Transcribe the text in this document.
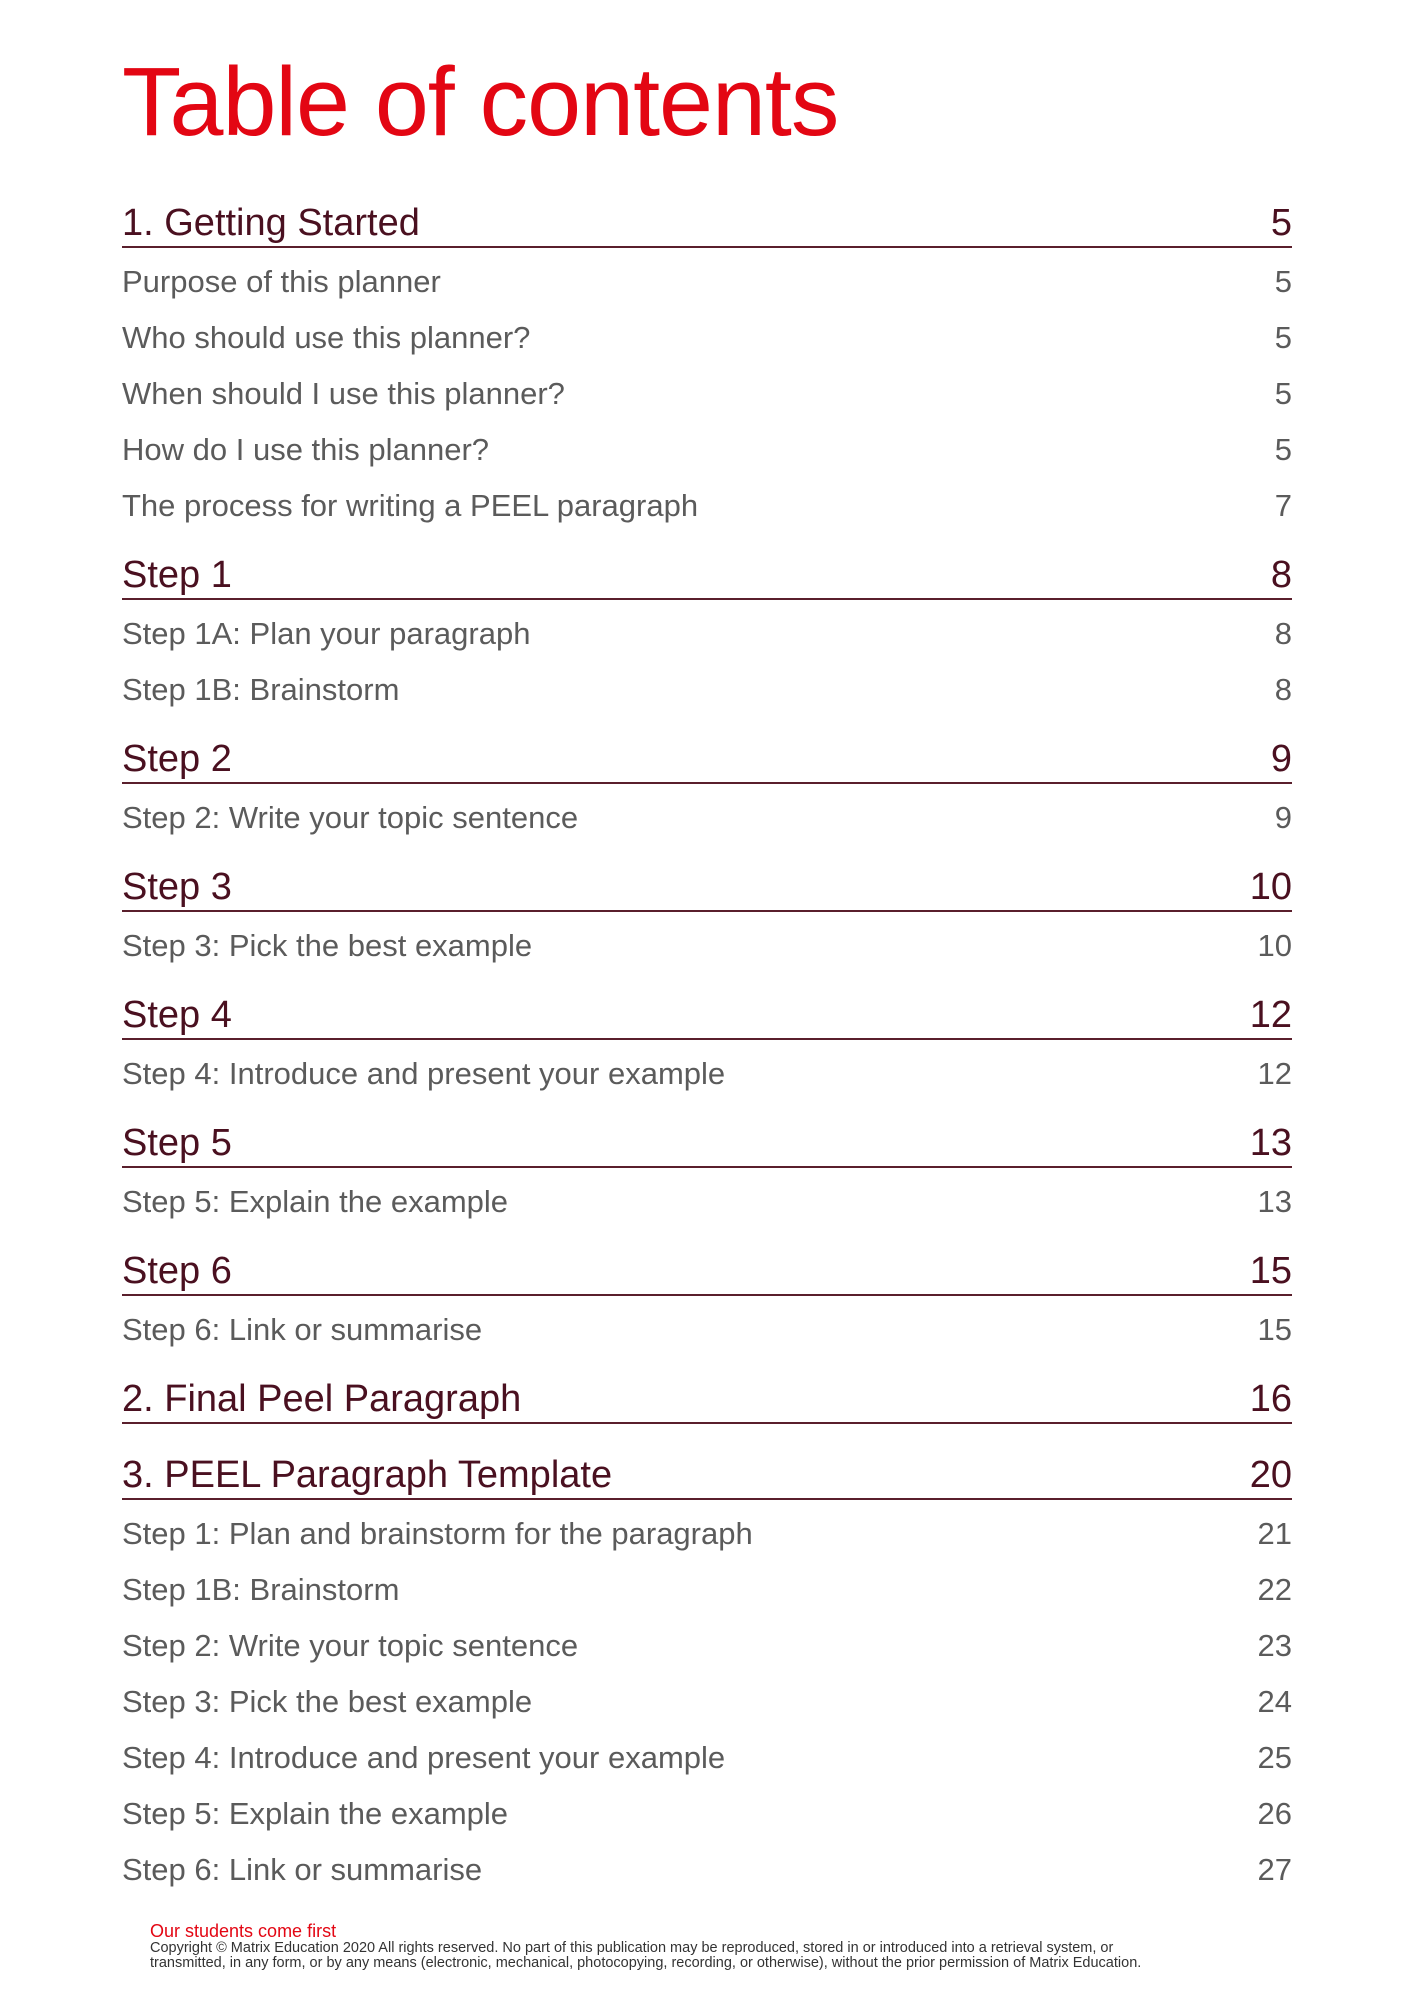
Table of contents
1. Getting Started	5
Purpose of this planner	5
Who should use this planner?	5
When should I use this planner?	5
How do I use this planner?	5
The process for writing a PEEL paragraph	7
Step 1	8
Step 1A: Plan your paragraph	8
Step 1B: Brainstorm	8
Step 2	9
Step 2: Write your topic sentence	9
Step 3	10
Step 3: Pick the best example	10
Step 4	12
Step 4: Introduce and present your example	12
Step 5	13
Step 5: Explain the example	13
Step 6	15
Step 6: Link or summarise	15
2. Final Peel Paragraph	16
3. PEEL Paragraph Template	20
Step 1: Plan and brainstorm for the paragraph	21
Step 1B: Brainstorm	22
Step 2: Write your topic sentence	23
Step 3: Pick the best example	24
Step 4: Introduce and present your example	25
Step 5: Explain the example	26
Step 6: Link or summarise	27
Our students come first
Copyright © Matrix Education 2020 All rights reserved. No part of this publication may be reproduced, stored in or introduced into a retrieval system, or
transmitted, in any form, or by any means (electronic, mechanical, photocopying, recording, or otherwise), without the prior permission of Matrix Education.
